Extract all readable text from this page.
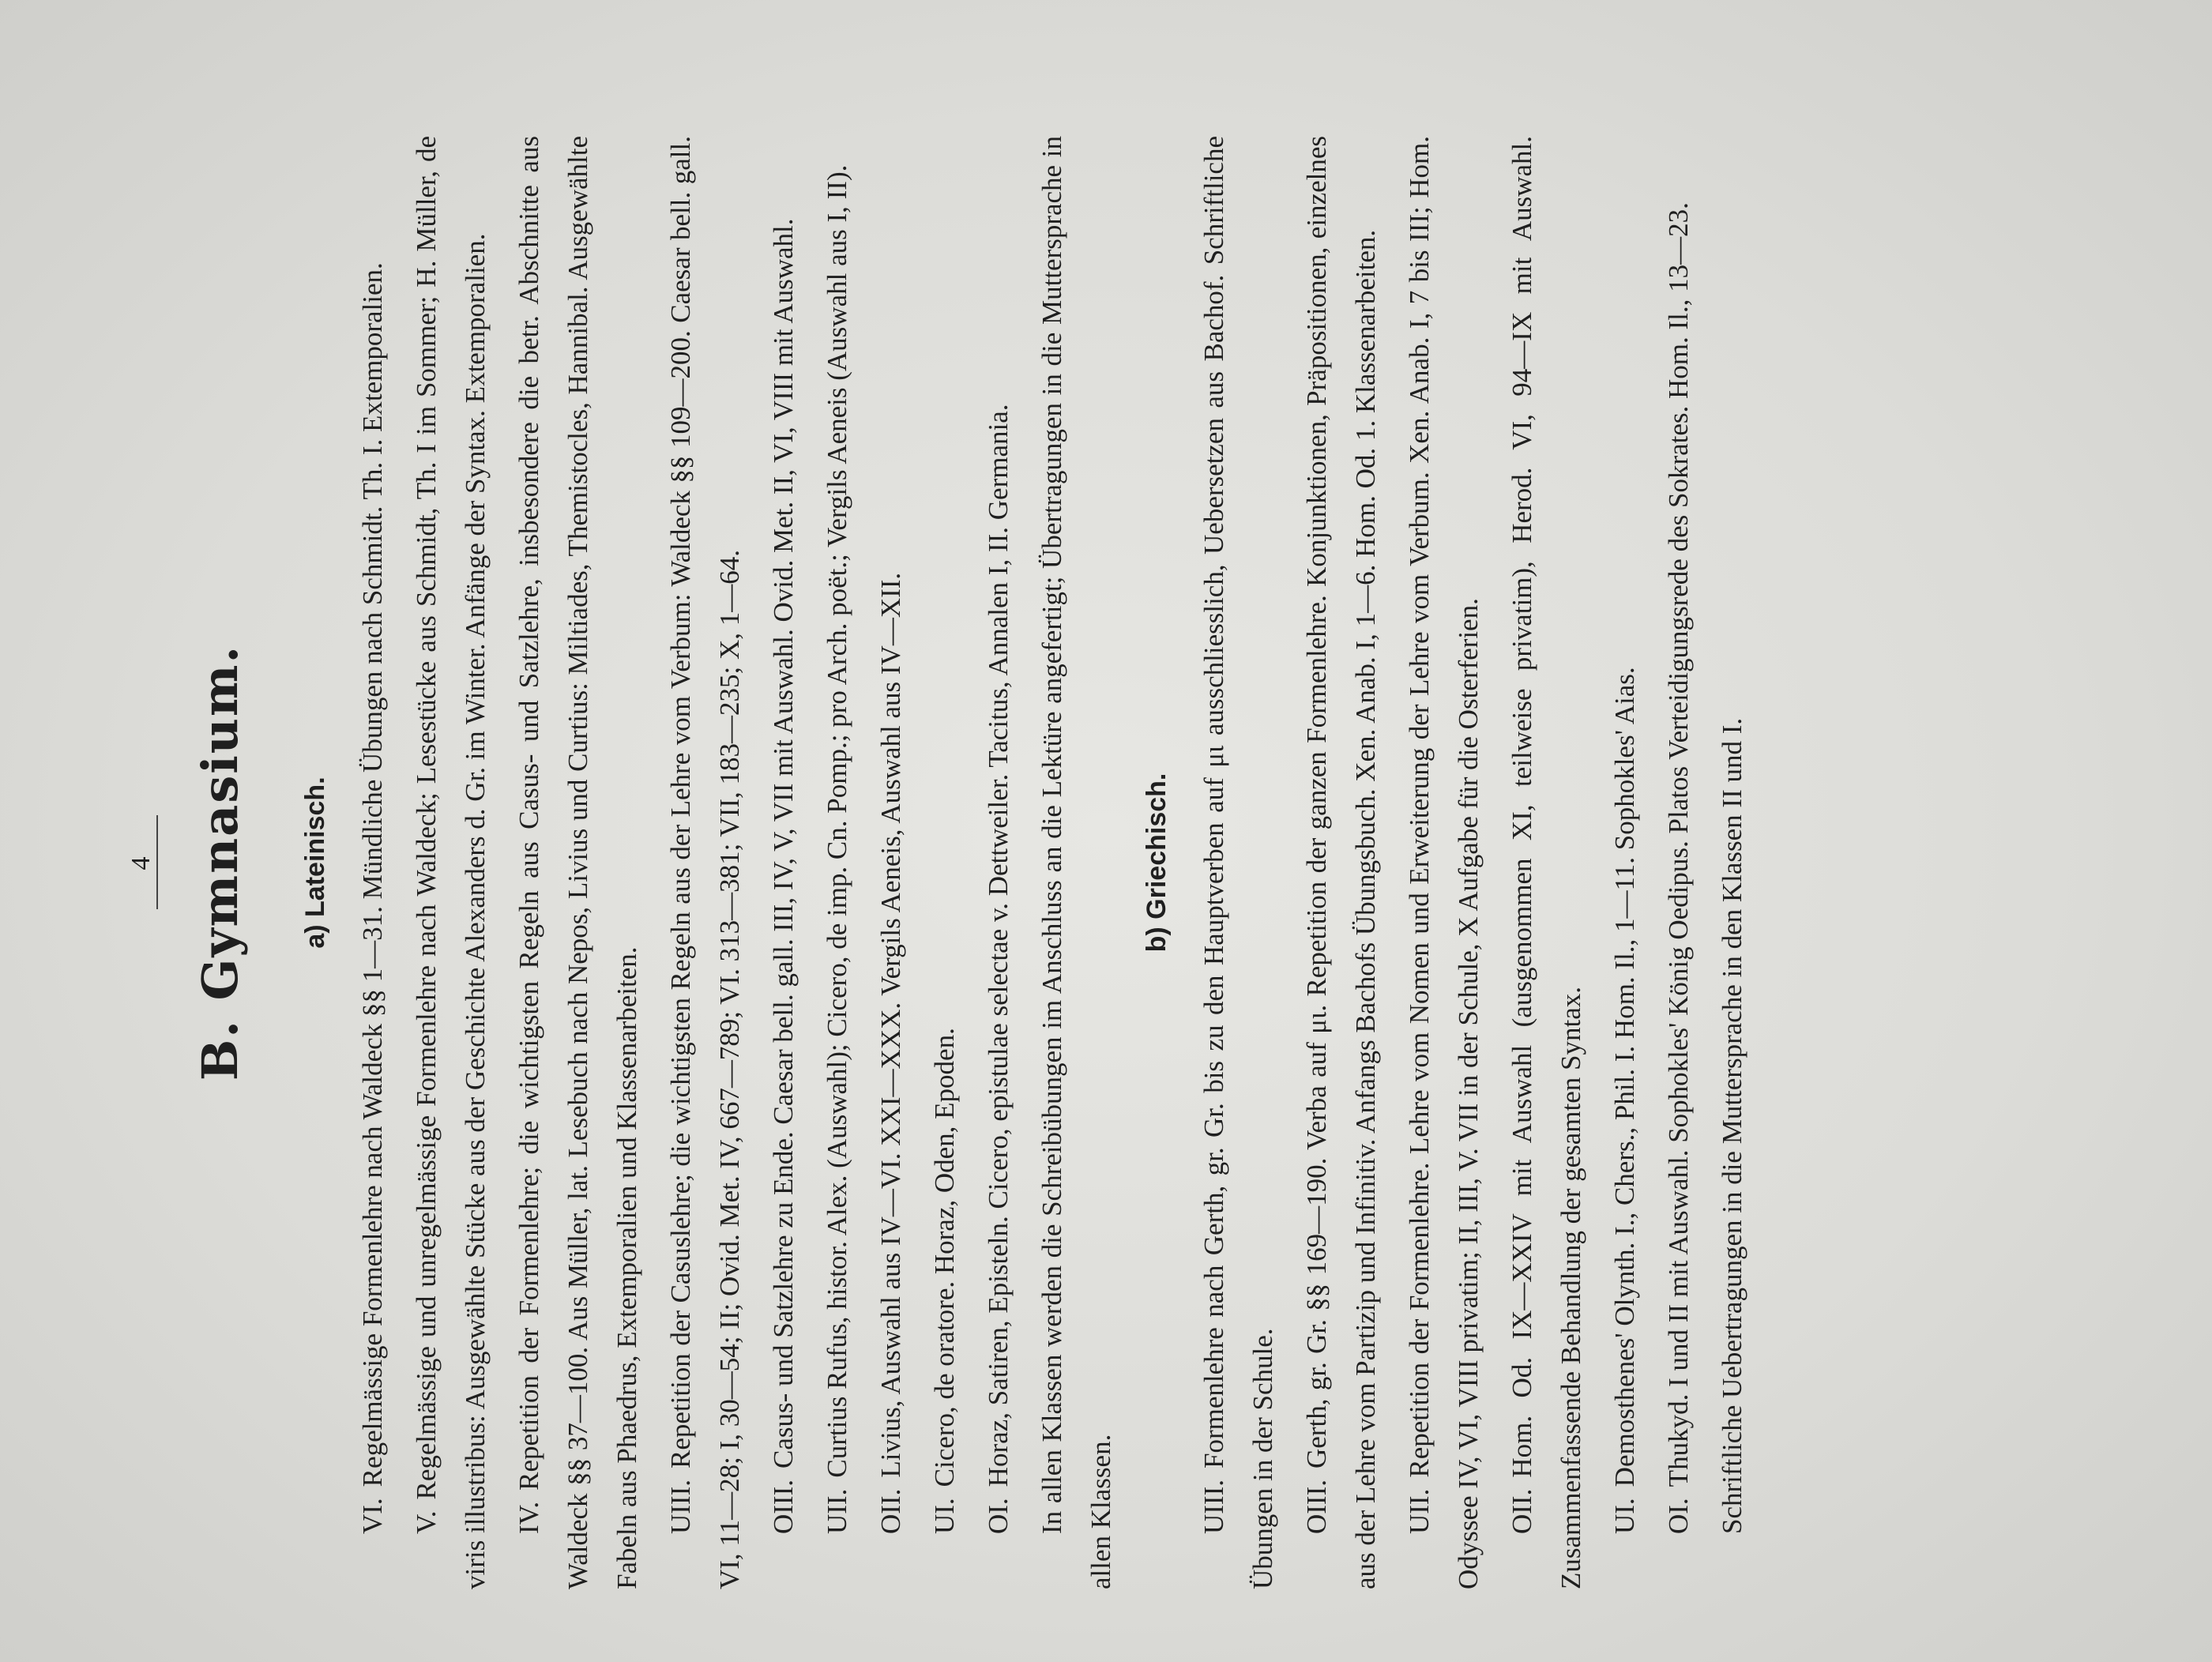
4 B. Gymnasium. a) Lateinisch.

VI.Regelmässige Formenlehre nach Waldeck §§ 1—31. Mündliche Übungen nach Schmidt. Th. I. Extemporalien.

V.Regelmässige und unregelmässige Formenlehre nach Waldeck; Lesestücke aus Schmidt, Th. I im Sommer; H. Müller, de viris illustribus: Ausgewählte Stücke aus der Geschichte Alexanders d. Gr. im Winter. Anfänge der Syntax. Extemporalien. IV.Repetition der Formenlehre; die wichtigsten Regeln aus Casus- und Satzlehre, insbesondere die betr. Abschnitte aus Waldeck §§ 37—100. Aus Müller, lat. Lesebuch nach Nepos, Livius und Curtius: Miltiades, Themistocles, Hannibal. Ausgewählte Fabeln aus Phaedrus, Extemporalien und Klassenarbeiten. UIII.Repetition der Casuslehre; die wichtigsten Regeln aus der Lehre vom Verbum: Waldeck §§ 109—200. Caesar bell. gall. VI, 11—28; I, 30—54; II; Ovid. Met. IV, 667—789; VI. 313—381; VII, 183—235; X, 1—64. OIII.Casus- und Satzlehre zu Ende. Caesar bell. gall. III, IV, V, VII mit Auswahl. Ovid. Met. II, VI, VIII mit Auswahl.

UII.Curtius Rufus, histor. Alex. (Auswahl); Cicero, de imp. Cn. Pomp.; pro Arch. poët.; Vergils Aeneis (Auswahl aus I, II).

OII.Livius, Auswahl aus IV—VI. XXI—XXX. Vergils Aeneis, Auswahl aus IV—XII.

UI.Cicero, de oratore. Horaz, Oden, Epoden.

OI.Horaz, Satiren, Episteln. Cicero, epistulae selectae v. Dettweiler. Tacitus, Annalen I, II. Germania. In allen Klassen werden die Schreibübungen im Anschluss an die Lektüre angefertigt; Übertragungen in die Muttersprache in allen Klassen.

b) Griechisch.

UIII.Formenlehre nach Gerth, gr. Gr. bis zu den Hauptverben auf μι ausschliesslich, Uebersetzen aus Bachof. Schriftliche Übungen in der Schule. OIII.Gerth, gr. Gr. §§ 169—190. Verba auf μι. Repetition der ganzen Formenlehre. Konjunktionen, Präpositionen, einzelnes aus der Lehre vom Partizip und Infinitiv. Anfangs Bachofs Übungsbuch. Xen. Anab. I, 1—6. Hom. Od. 1. Klassenarbeiten. UII.Repetition der Formenlehre. Lehre vom Nomen und Erweiterung der Lehre vom Verbum. Xen. Anab. I, 7 bis III; Hom. Odyssee IV, VI, VIII privatim; II, III, V. VII in der Schule, X Aufgabe für die Osterferien. OII.Hom. Od. IX—XXIV mit Auswahl (ausgenommen XI, teilweise privatim), Herod. VI, 94—IX mit Auswahl. Zusammenfassende Behandlung der gesamten Syntax. UI.Demosthenes' Olynth. I., Chers., Phil. I. Hom. Il., 1—11. Sophokles' Aias.

OI.Thukyd. I und II mit Auswahl. Sophokles' König Oedipus. Platos Verteidigungsrede des Sokrates. Hom. Il., 13—23. Schriftliche Uebertragungen in die Muttersprache in den Klassen II und I.
